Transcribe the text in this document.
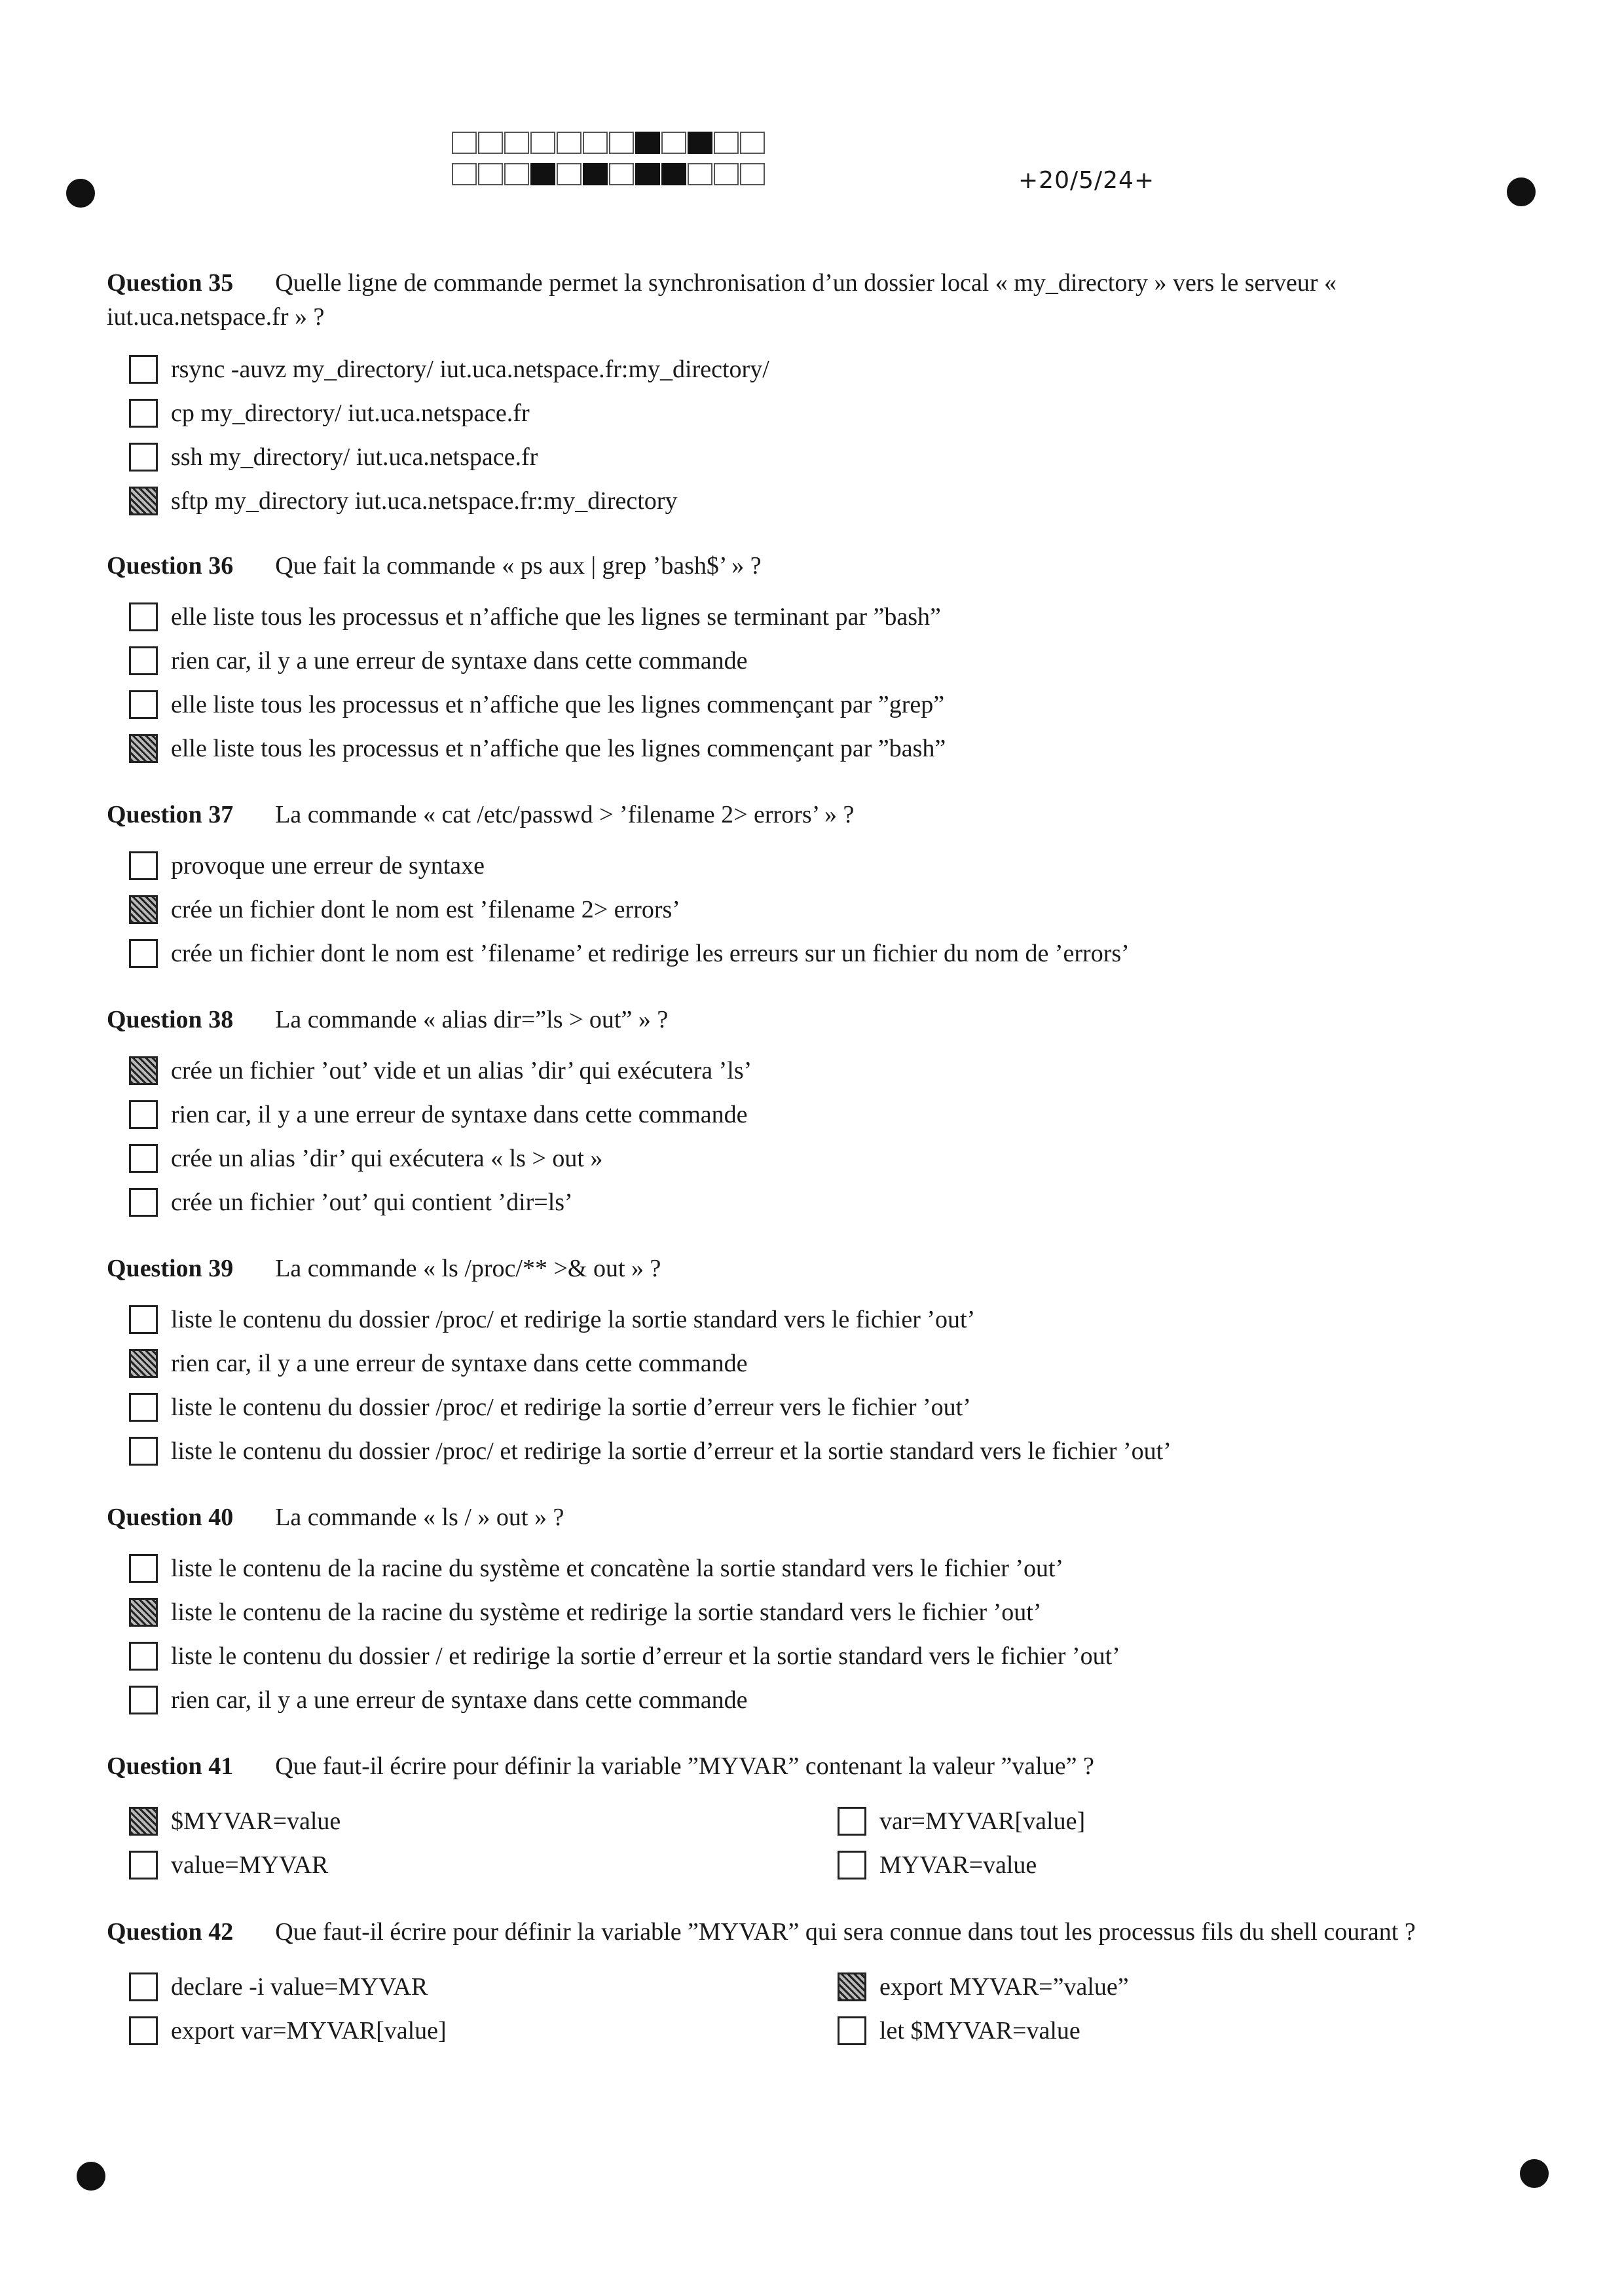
+20/5/24+
Question 35 Quelle ligne de commande permet la synchronisation d’un dossier local « my_directory » vers le serveur « iut.uca.netspace.fr » ?
rsync -auvz my_directory/ iut.uca.netspace.fr:my_directory/
cp my_directory/ iut.uca.netspace.fr
ssh my_directory/ iut.uca.netspace.fr
sftp my_directory iut.uca.netspace.fr:my_directory
Question 36 Que fait la commande « ps aux | grep ’bash$’ » ?
elle liste tous les processus et n’affiche que les lignes se terminant par ”bash”
rien car, il y a une erreur de syntaxe dans cette commande
elle liste tous les processus et n’affiche que les lignes commençant par ”grep”
elle liste tous les processus et n’affiche que les lignes commençant par ”bash”
Question 37 La commande « cat /etc/passwd > ’filename 2> errors’ » ?
provoque une erreur de syntaxe
crée un fichier dont le nom est ’filename 2> errors’
crée un fichier dont le nom est ’filename’ et redirige les erreurs sur un fichier du nom de ’errors’
Question 38 La commande « alias dir=”ls > out” » ?
crée un fichier ’out’ vide et un alias ’dir’ qui exécutera ’ls’
rien car, il y a une erreur de syntaxe dans cette commande
crée un alias ’dir’ qui exécutera « ls > out »
crée un fichier ’out’ qui contient ’dir=ls’
Question 39 La commande « ls /proc/** >& out » ?
liste le contenu du dossier /proc/ et redirige la sortie standard vers le fichier ’out’
rien car, il y a une erreur de syntaxe dans cette commande
liste le contenu du dossier /proc/ et redirige la sortie d’erreur vers le fichier ’out’
liste le contenu du dossier /proc/ et redirige la sortie d’erreur et la sortie standard vers le fichier ’out’
Question 40 La commande « ls / » out » ?
liste le contenu de la racine du système et concatène la sortie standard vers le fichier ’out’
liste le contenu de la racine du système et redirige la sortie standard vers le fichier ’out’
liste le contenu du dossier / et redirige la sortie d’erreur et la sortie standard vers le fichier ’out’
rien car, il y a une erreur de syntaxe dans cette commande
Question 41 Que faut-il écrire pour définir la variable ”MYVAR” contenant la valeur ”value” ?
$MYVAR=value	var=MYVAR[value]
value=MYVAR	MYVAR=value
Question 42 Que faut-il écrire pour définir la variable ”MYVAR” qui sera connue dans tout les processus fils du shell courant ?
declare -i value=MYVAR	export MYVAR=”value”
export var=MYVAR[value]	let $MYVAR=value
